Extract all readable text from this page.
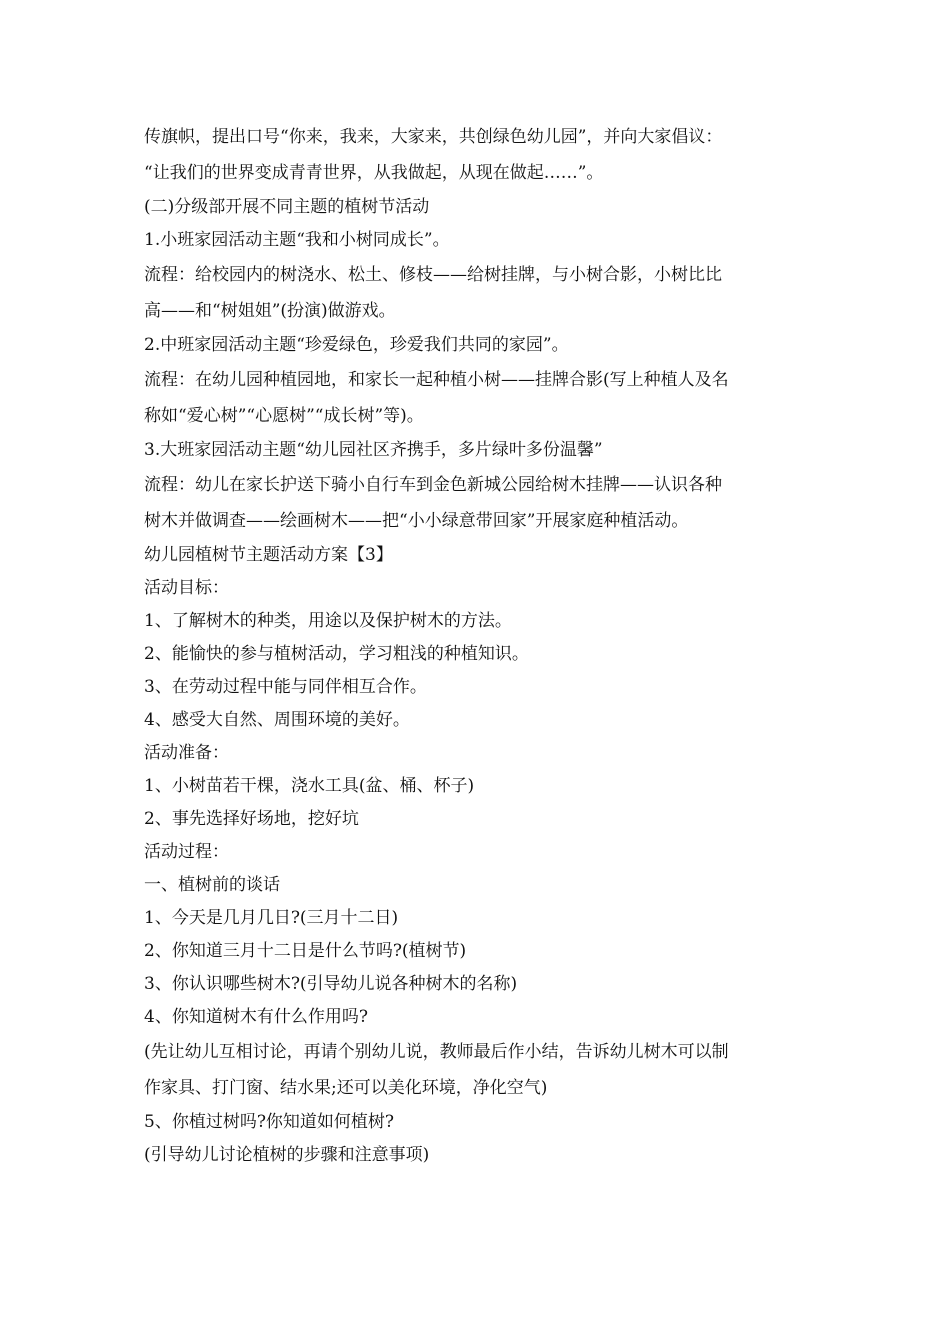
传旗帜，提出口号“你来，我来，大家来，共创绿色幼儿园”，并向大家倡议：
“让我们的世界变成青青世界，从我做起，从现在做起……”。
(二)分级部开展不同主题的植树节活动
1.小班家园活动主题“我和小树同成长”。
流程：给校园内的树浇水、松土、修枝——给树挂牌，与小树合影，小树比比
高——和“树姐姐”(扮演)做游戏。
2.中班家园活动主题“珍爱绿色，珍爱我们共同的家园”。
流程：在幼儿园种植园地，和家长一起种植小树——挂牌合影(写上种植人及名
称如“爱心树”“心愿树”“成长树”等)。
3.大班家园活动主题“幼儿园社区齐携手，多片绿叶多份温馨”
流程：幼儿在家长护送下骑小自行车到金色新城公园给树木挂牌——认识各种
树木并做调查——绘画树木——把“小小绿意带回家”开展家庭种植活动。
幼儿园植树节主题活动方案【3】
活动目标：
1、了解树木的种类，用途以及保护树木的方法。
2、能愉快的参与植树活动，学习粗浅的种植知识。
3、在劳动过程中能与同伴相互合作。
4、感受大自然、周围环境的美好。
活动准备：
1、小树苗若干棵，浇水工具(盆、桶、杯子)
2、事先选择好场地，挖好坑
活动过程：
一、植树前的谈话
1、今天是几月几日?(三月十二日)
2、你知道三月十二日是什么节吗?(植树节)
3、你认识哪些树木?(引导幼儿说各种树木的名称)
4、你知道树木有什么作用吗?
(先让幼儿互相讨论，再请个别幼儿说，教师最后作小结，告诉幼儿树木可以制
作家具、打门窗、结水果;还可以美化环境，净化空气)
5、你植过树吗?你知道如何植树?
(引导幼儿讨论植树的步骤和注意事项)
